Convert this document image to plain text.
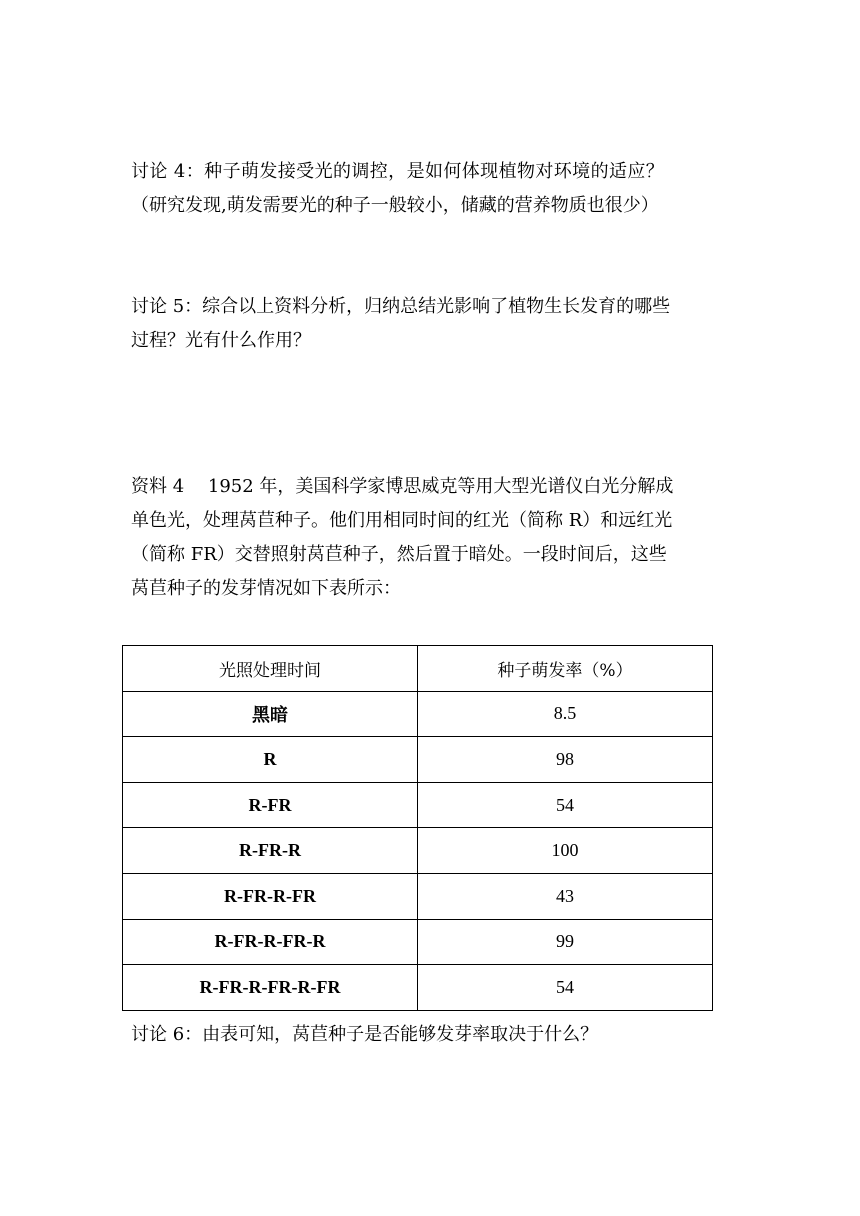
讨论 4：种子萌发接受光的调控，是如何体现植物对环境的适应？
（研究发现,萌发需要光的种子一般较小，储藏的营养物质也很少）
讨论 5：综合以上资料分析，归纳总结光影响了植物生长发育的哪些
过程？光有什么作用？
资料 4　 1952 年，美国科学家博思威克等用大型光谱仪白光分解成
单色光，处理莴苣种子。他们用相同时间的红光（简称 R）和远红光
（简称 FR）交替照射莴苣种子，然后置于暗处。一段时间后，这些
莴苣种子的发芽情况如下表所示：
光照处理时间	种子萌发率（%）
黑暗	8.5
R	98
R-FR	54
R-FR-R	100
R-FR-R-FR	43
R-FR-R-FR-R	99
R-FR-R-FR-R-FR	54
讨论 6：由表可知，莴苣种子是否能够发芽率取决于什么？
